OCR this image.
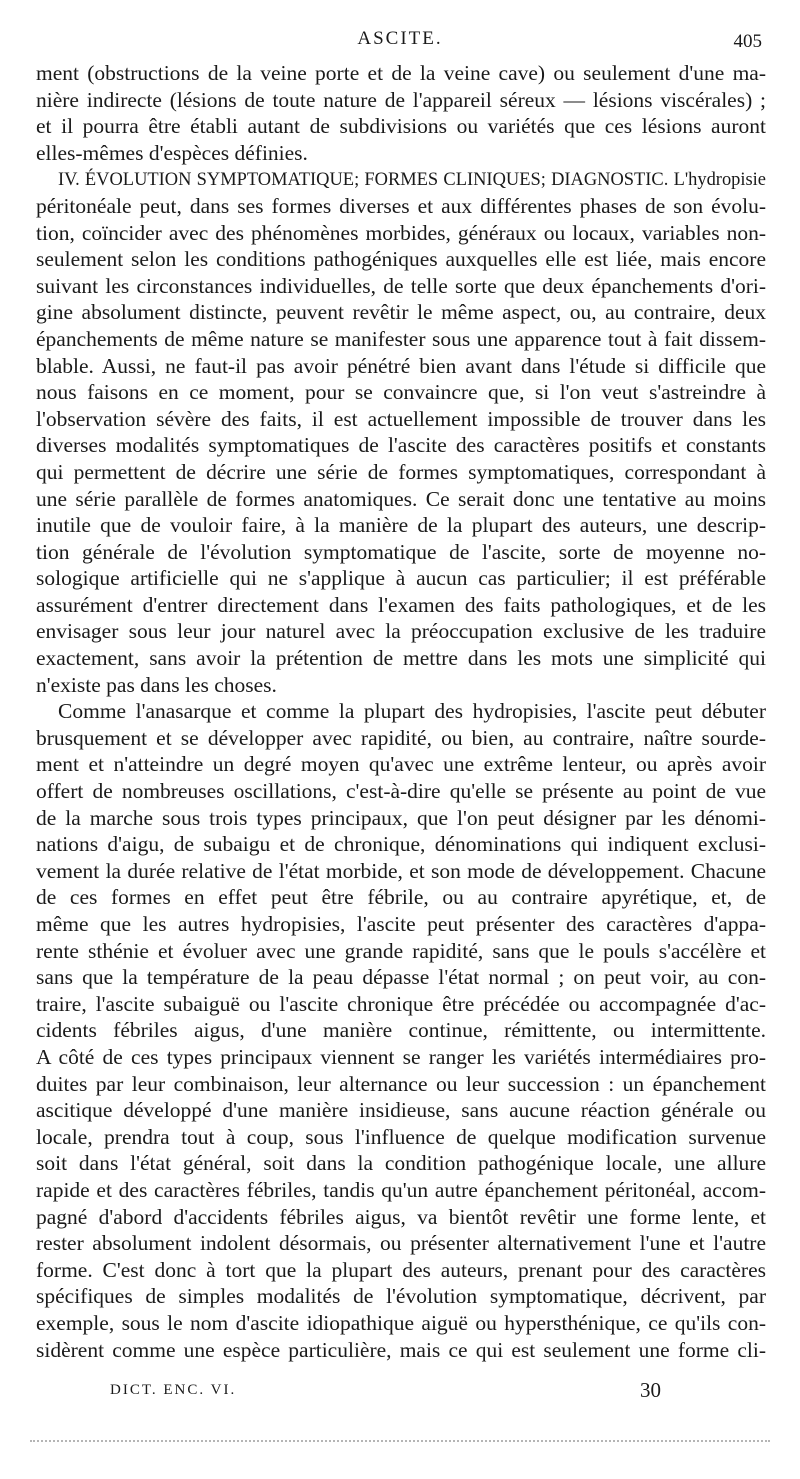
ASCITE.	405
ment (obstructions de la veine porte et de la veine cave) ou seulement d'une ma-
nière indirecte (lésions de toute nature de l'appareil séreux — lésions viscérales) ;
et il pourra être établi autant de subdivisions ou variétés que ces lésions auront
elles-mêmes d'espèces définies.
IV. ÉVOLUTION SYMPTOMATIQUE; FORMES CLINIQUES; DIAGNOSTIC. L'hydropisie
péritonéale peut, dans ses formes diverses et aux différentes phases de son évolu-
tion, coïncider avec des phénomènes morbides, généraux ou locaux, variables non-
seulement selon les conditions pathogéniques auxquelles elle est liée, mais encore
suivant les circonstances individuelles, de telle sorte que deux épanchements d'ori-
gine absolument distincte, peuvent revêtir le même aspect, ou, au contraire, deux
épanchements de même nature se manifester sous une apparence tout à fait dissem-
blable. Aussi, ne faut-il pas avoir pénétré bien avant dans l'étude si difficile que
nous faisons en ce moment, pour se convaincre que, si l'on veut s'astreindre à
l'observation sévère des faits, il est actuellement impossible de trouver dans les
diverses modalités symptomatiques de l'ascite des caractères positifs et constants
qui permettent de décrire une série de formes symptomatiques, correspondant à
une série parallèle de formes anatomiques. Ce serait donc une tentative au moins
inutile que de vouloir faire, à la manière de la plupart des auteurs, une descrip-
tion générale de l'évolution symptomatique de l'ascite, sorte de moyenne no-
sologique artificielle qui ne s'applique à aucun cas particulier; il est préférable
assurément d'entrer directement dans l'examen des faits pathologiques, et de les
envisager sous leur jour naturel avec la préoccupation exclusive de les traduire
exactement, sans avoir la prétention de mettre dans les mots une simplicité qui
n'existe pas dans les choses.
Comme l'anasarque et comme la plupart des hydropisies, l'ascite peut débuter
brusquement et se développer avec rapidité, ou bien, au contraire, naître sourde-
ment et n'atteindre un degré moyen qu'avec une extrême lenteur, ou après avoir
offert de nombreuses oscillations, c'est-à-dire qu'elle se présente au point de vue
de la marche sous trois types principaux, que l'on peut désigner par les dénomi-
nations d'aigu, de subaigu et de chronique, dénominations qui indiquent exclusi-
vement la durée relative de l'état morbide, et son mode de développement. Chacune
de ces formes en effet peut être fébrile, ou au contraire apyrétique, et, de
même que les autres hydropisies, l'ascite peut présenter des caractères d'appa-
rente sthénie et évoluer avec une grande rapidité, sans que le pouls s'accélère et
sans que la température de la peau dépasse l'état normal ; on peut voir, au con-
traire, l'ascite subaiguë ou l'ascite chronique être précédée ou accompagnée d'ac-
cidents fébriles aigus, d'une manière continue, rémittente, ou intermittente.
A côté de ces types principaux viennent se ranger les variétés intermédiaires pro-
duites par leur combinaison, leur alternance ou leur succession : un épanchement
ascitique développé d'une manière insidieuse, sans aucune réaction générale ou
locale, prendra tout à coup, sous l'influence de quelque modification survenue
soit dans l'état général, soit dans la condition pathogénique locale, une allure
rapide et des caractères fébriles, tandis qu'un autre épanchement péritonéal, accom-
pagné d'abord d'accidents fébriles aigus, va bientôt revêtir une forme lente, et
rester absolument indolent désormais, ou présenter alternativement l'une et l'autre
forme. C'est donc à tort que la plupart des auteurs, prenant pour des caractères
spécifiques de simples modalités de l'évolution symptomatique, décrivent, par
exemple, sous le nom d'ascite idiopathique aiguë ou hypersthénique, ce qu'ils con-
sidèrent comme une espèce particulière, mais ce qui est seulement une forme cli-
DICT. ENC. VI.	30
